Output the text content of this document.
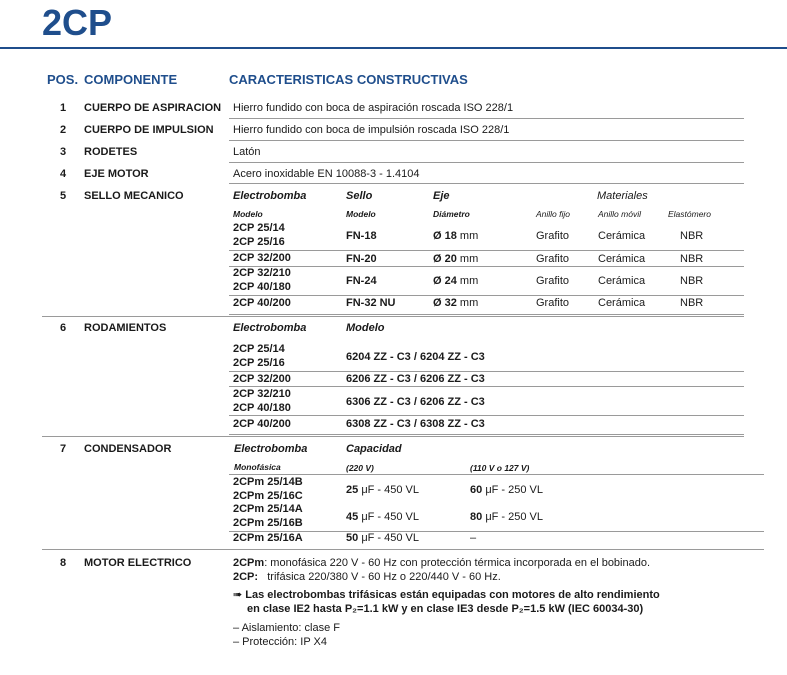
2CP
POS. COMPONENTE	CARACTERISTICAS CONSTRUCTIVAS
1 CUERPO DE ASPIRACION Hierro fundido con boca de aspiración roscada ISO 228/1
2 CUERPO DE IMPULSION Hierro fundido con boca de impulsión roscada ISO 228/1
3 RODETES	Latón
4 EJE MOTOR	Acero inoxidable EN 10088-3 - 1.4104
5 SELLO MECANICO	Electrobomba	Sello	Eje	Materiales
Modelo	Modelo	Diámetro	Anillo fijo	Anillo móvil	Elastómero
2CP 25/14
2CP 25/16	FN-18	Ø 18 mm	Grafito	Cerámica	NBR
2CP 32/200	FN-20	Ø 20 mm	Grafito	Cerámica	NBR
2CP 32/210
2CP 40/180	FN-24	Ø 24 mm	Grafito	Cerámica	NBR
2CP 40/200	FN-32 NU	Ø 32 mm	Grafito	Cerámica	NBR
6 RODAMIENTOS	Electrobomba	Modelo
2CP 25/14
2CP 25/16	6204 ZZ - C3 / 6204 ZZ - C3
2CP 32/200	6206 ZZ - C3 / 6206 ZZ - C3
2CP 32/210
2CP 40/180	6306 ZZ - C3 / 6206 ZZ - C3
2CP 40/200	6308 ZZ - C3 / 6308 ZZ - C3
7 CONDENSADOR	Electrobomba	Capacidad
Monofásica	(220 V)	(110 V o 127 V)
2CPm 25/14B
2CPm 25/16C	25 μF - 450 VL	60 μF - 250 VL
2CPm 25/14A
2CPm 25/16B	45 μF - 450 VL	80 μF - 250 VL
2CPm 25/16A	50 μF - 450 VL	–
8 MOTOR ELECTRICO	2CPm: monofásica 220 V - 60 Hz con protección térmica incorporada en el bobinado.
2CP: trifásica 220/380 V - 60 Hz o 220/440 V - 60 Hz.
➠ Las electrobombas trifásicas están equipadas con motores de alto rendimiento
en clase IE2 hasta P₂=1.1 kW y en clase IE3 desde P₂=1.5 kW (IEC 60034-30)
– Aislamiento: clase F
– Protección: IP X4
